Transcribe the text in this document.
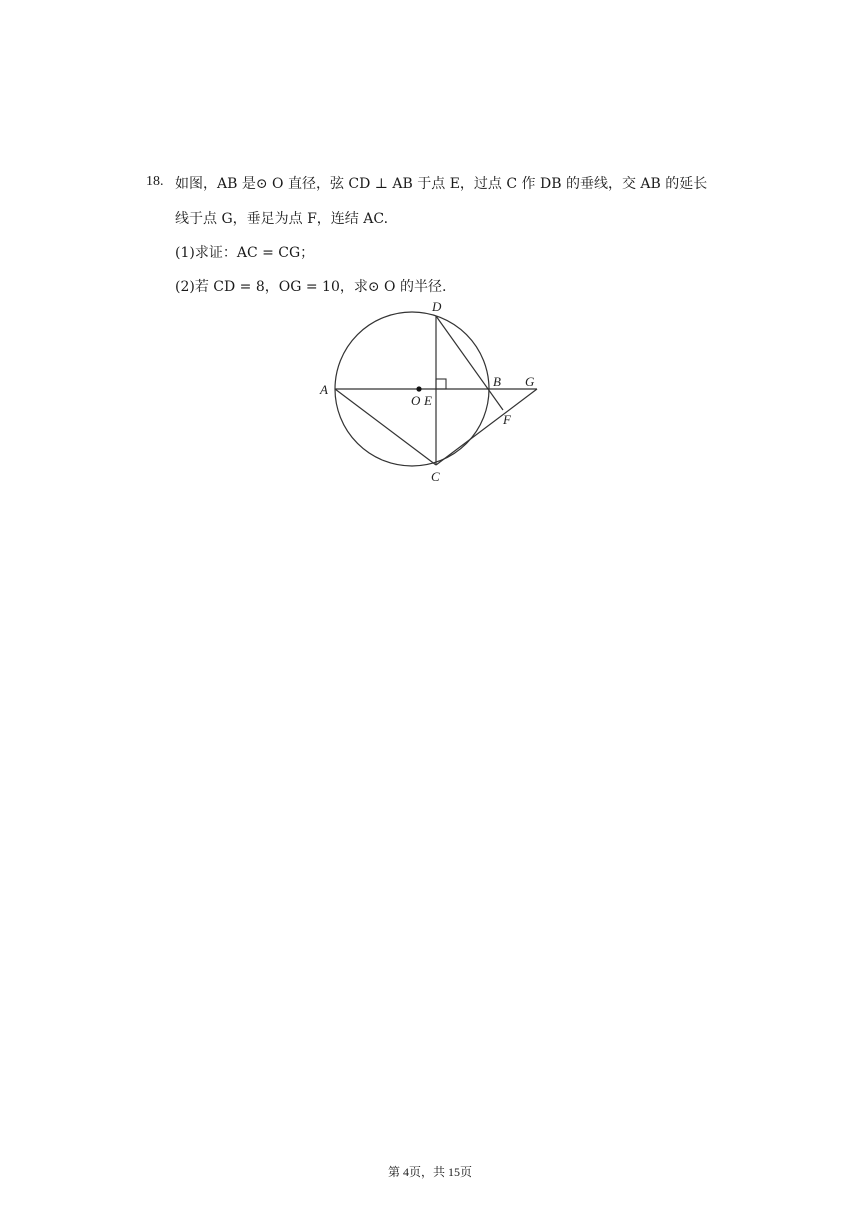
18. 如图，AB 是⊙ O 直径，弦 CD ⊥ AB 于点 E，过点 C 作 DB 的垂线，交 AB 的延长
线于点 G，垂足为点 F，连结 AC.
(1)求证：AC = CG；
(2)若 CD = 8，OG = 10，求⊙ O 的半径.
D
A
O E
B G
F
C
第 4页，共 15页
